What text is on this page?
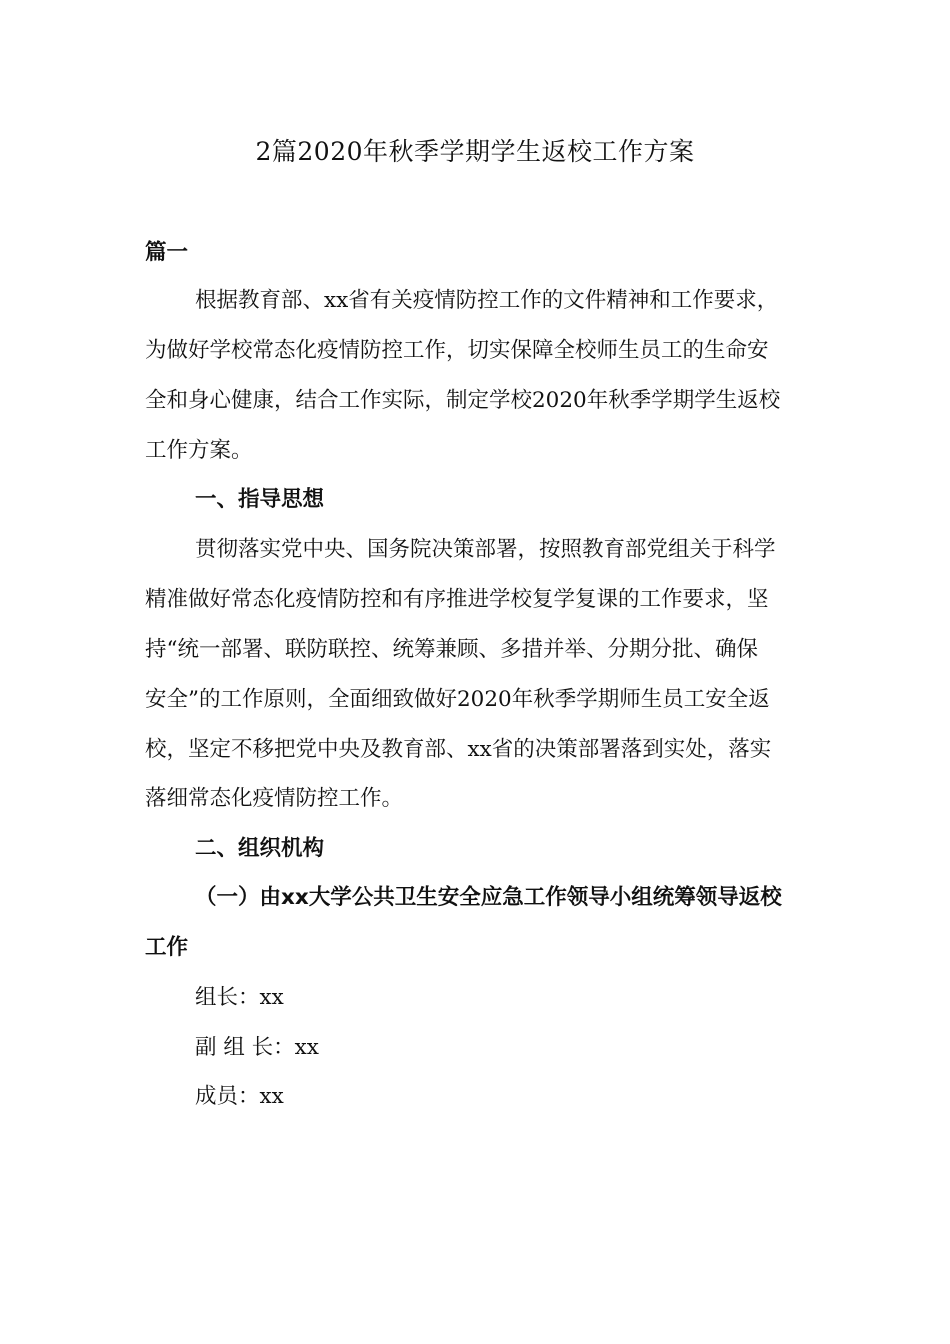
2篇2020年秋季学期学生返校工作方案
篇一
根据教育部、xx省有关疫情防控工作的文件精神和工作要求，
为做好学校常态化疫情防控工作，切实保障全校师生员工的生命安
全和身心健康，结合工作实际，制定学校2020年秋季学期学生返校
工作方案。
一、指导思想
贯彻落实党中央、国务院决策部署，按照教育部党组关于科学
精准做好常态化疫情防控和有序推进学校复学复课的工作要求，坚
持“统一部署、联防联控、统筹兼顾、多措并举、分期分批、确保
安全”的工作原则，全面细致做好2020年秋季学期师生员工安全返
校，坚定不移把党中央及教育部、xx省的决策部署落到实处，落实
落细常态化疫情防控工作。
二、组织机构
（一）由xx大学公共卫生安全应急工作领导小组统筹领导返校
工作
组长：xx
副 组 长：xx
成员：xx
